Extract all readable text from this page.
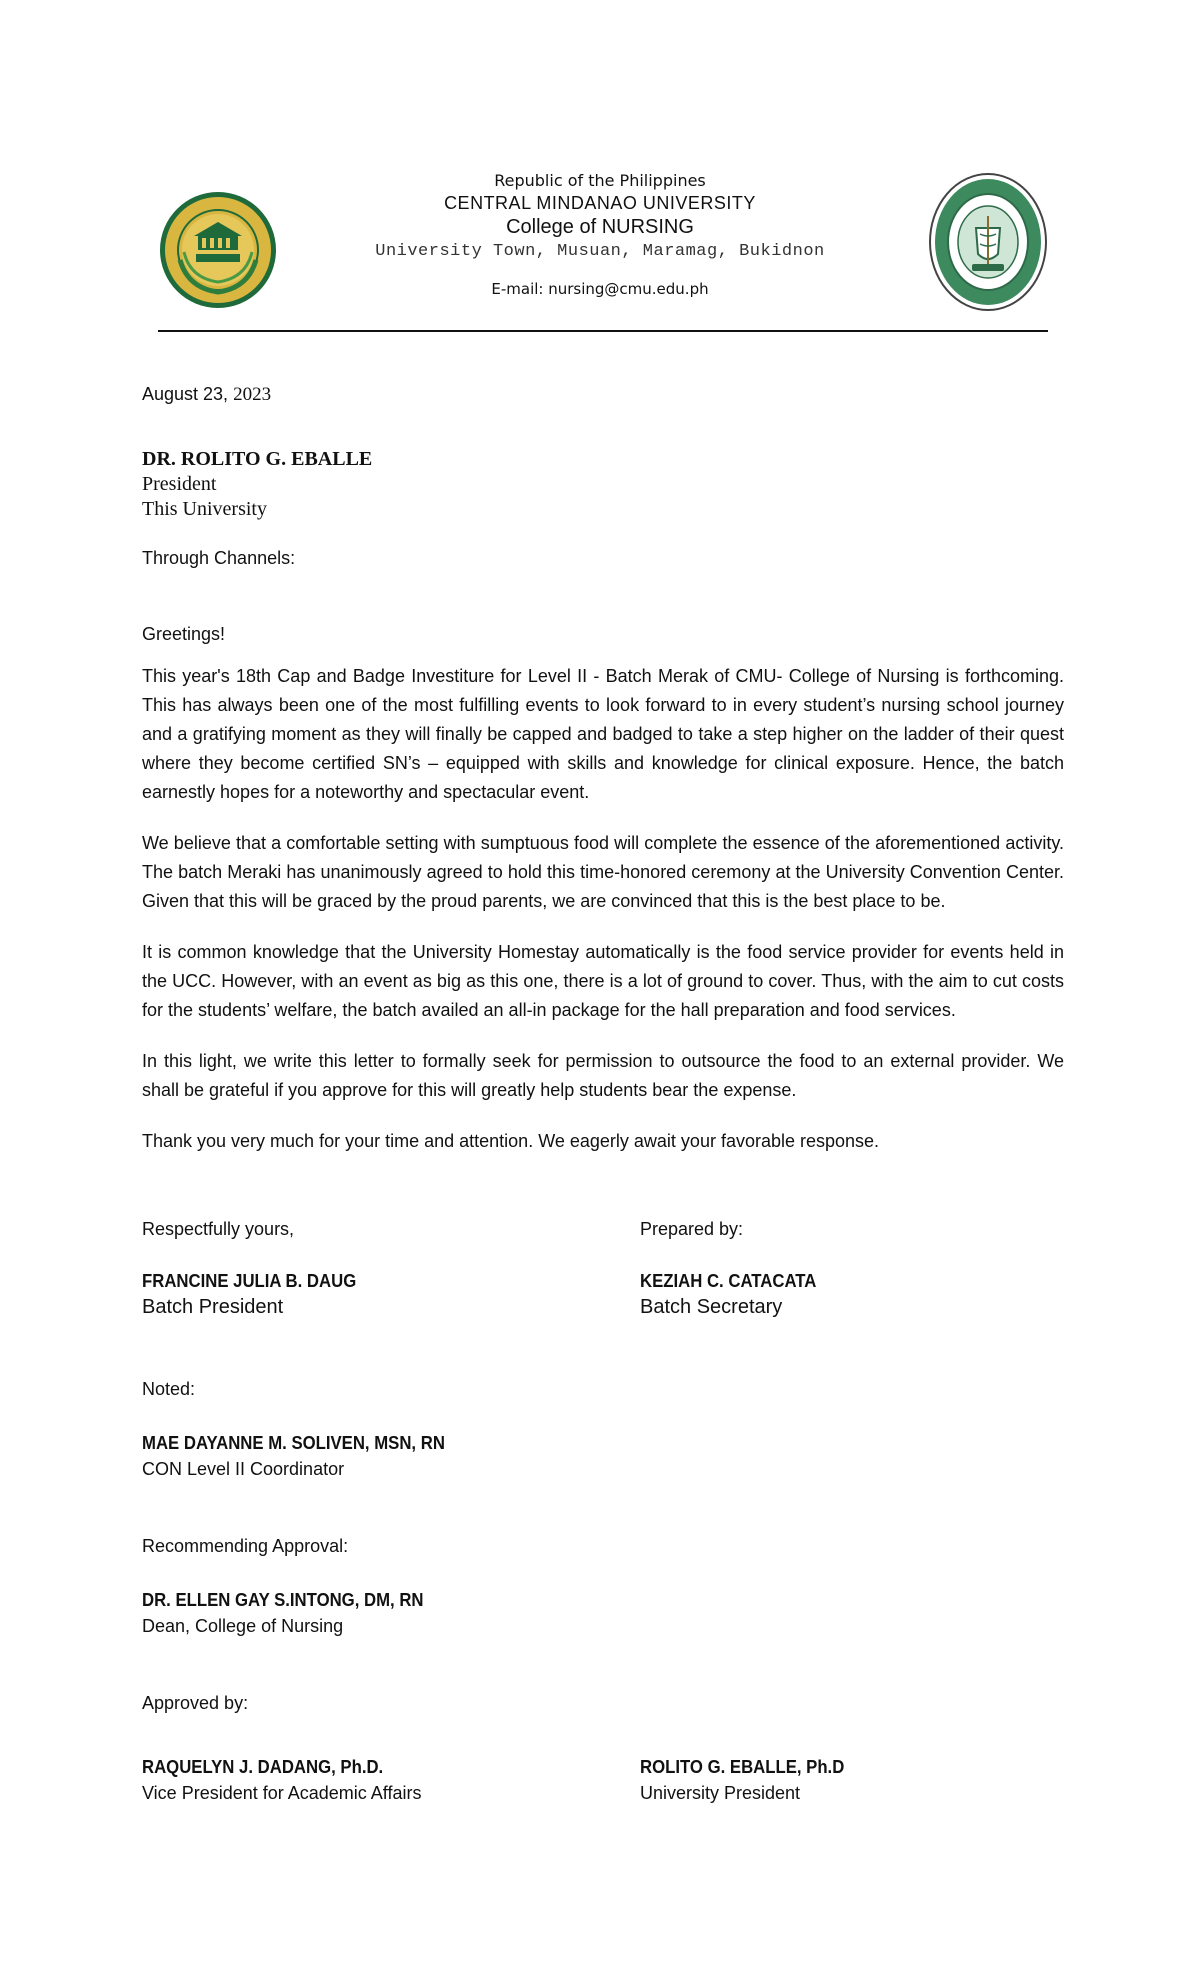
Republic of the Philippines
CENTRAL MINDANAO UNIVERSITY
College of NURSING
University Town, Musuan, Maramag, Bukidnon
E-mail: nursing@cmu.edu.ph
August 23, 2023
DR. ROLITO G. EBALLE
President
This University
Through Channels:
Greetings!
This year's 18th Cap and Badge Investiture for Level II - Batch Merak of CMU- College of Nursing is forthcoming. This has always been one of the most fulfilling events to look forward to in every student’s nursing school journey and a gratifying moment as they will finally be capped and badged to take a step higher on the ladder of their quest where they become certified SN’s – equipped with skills and knowledge for clinical exposure. Hence, the batch earnestly hopes for a noteworthy and spectacular event.
We believe that a comfortable setting with sumptuous food will complete the essence of the aforementioned activity. The batch Meraki has unanimously agreed to hold this time-honored ceremony at the University Convention Center. Given that this will be graced by the proud parents, we are convinced that this is the best place to be.
It is common knowledge that the University Homestay automatically is the food service provider for events held in the UCC. However, with an event as big as this one, there is a lot of ground to cover. Thus, with the aim to cut costs for the students’ welfare, the batch availed an all-in package for the hall preparation and food services.
In this light, we write this letter to formally seek for permission to outsource the food to an external provider. We shall be grateful if you approve for this will greatly help students bear the expense.
Thank you very much for your time and attention. We eagerly await your favorable response.
Respectfully yours,
FRANCINE JULIA B. DAUG
Batch President
Prepared by:
KEZIAH C. CATACATA
Batch Secretary
Noted:
MAE DAYANNE M. SOLIVEN, MSN, RN
CON Level II Coordinator
Recommending Approval:
DR. ELLEN GAY S.INTONG, DM, RN
Dean, College of Nursing
Approved by:
RAQUELYN J. DADANG, Ph.D.
Vice President for Academic Affairs
ROLITO G. EBALLE, Ph.D
University President
